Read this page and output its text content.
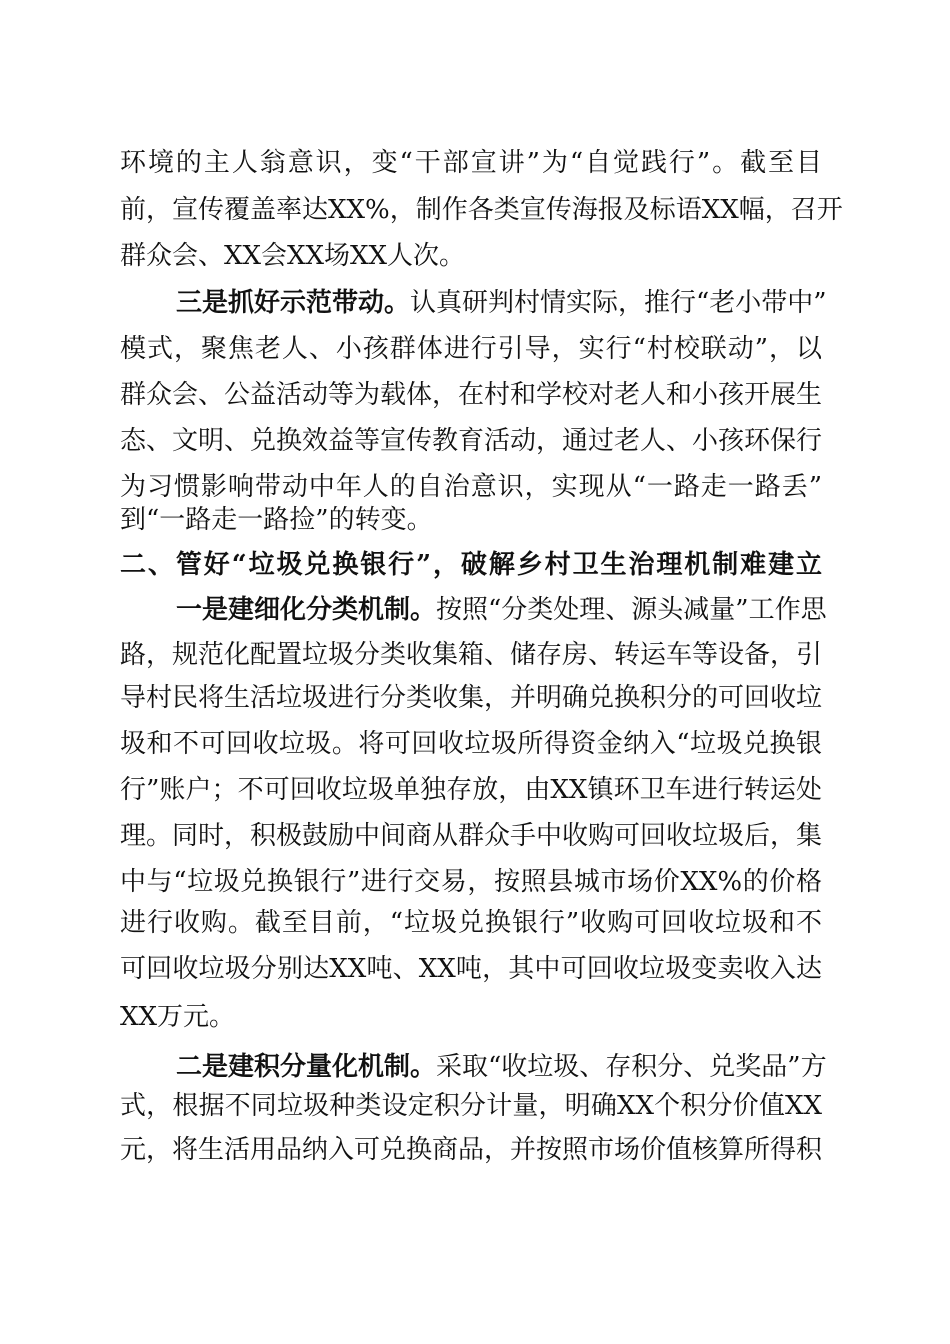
环境的主人翁意识，变“干部宣讲”为“自觉践行”。截至目
前，宣传覆盖率达XX%，制作各类宣传海报及标语XX幅，召开
群众会、XX会XX场XX人次。
三是抓好示范带动。认真研判村情实际，推行“老小带中”
模式，聚焦老人、小孩群体进行引导，实行“村校联动”，以
群众会、公益活动等为载体，在村和学校对老人和小孩开展生
态、文明、兑换效益等宣传教育活动，通过老人、小孩环保行
为习惯影响带动中年人的自治意识，实现从“一路走一路丢”
到“一路走一路捡”的转变。
二、管好“垃圾兑换银行”，破解乡村卫生治理机制难建立
一是建细化分类机制。按照“分类处理、源头减量”工作思
路，规范化配置垃圾分类收集箱、储存房、转运车等设备，引
导村民将生活垃圾进行分类收集，并明确兑换积分的可回收垃
圾和不可回收垃圾。将可回收垃圾所得资金纳入“垃圾兑换银
行”账户；不可回收垃圾单独存放，由XX镇环卫车进行转运处
理。同时，积极鼓励中间商从群众手中收购可回收垃圾后，集
中与“垃圾兑换银行”进行交易，按照县城市场价XX%的价格
进行收购。截至目前，“垃圾兑换银行”收购可回收垃圾和不
可回收垃圾分别达XX吨、XX吨，其中可回收垃圾变卖收入达
XX万元。
二是建积分量化机制。采取“收垃圾、存积分、兑奖品”方
式，根据不同垃圾种类设定积分计量，明确XX个积分价值XX
元，将生活用品纳入可兑换商品，并按照市场价值核算所得积
